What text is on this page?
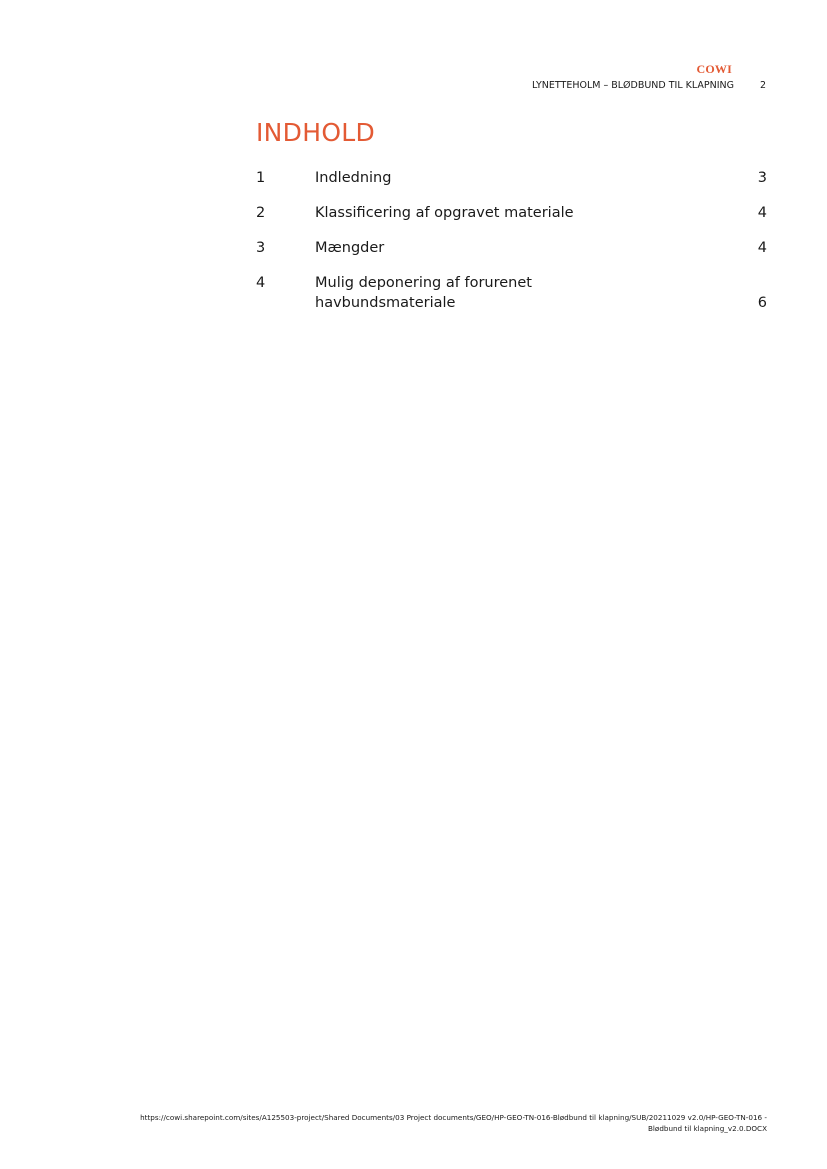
COWI
LYNETTEHOLM – BLØDBUND TIL KLAPNING	2
INDHOLD
1	Indledning	3
2	Klassificering af opgravet materiale	4
3	Mængder	4
4	Mulig deponering af forurenet
havbundsmateriale	6
https://cowi.sharepoint.com/sites/A125503-project/Shared Documents/03 Project documents/GEO/HP-GEO-TN-016-Blødbund til klapning/SUB/20211029 v2.0/HP-GEO-TN-016 -
Blødbund til klapning_v2.0.DOCX
